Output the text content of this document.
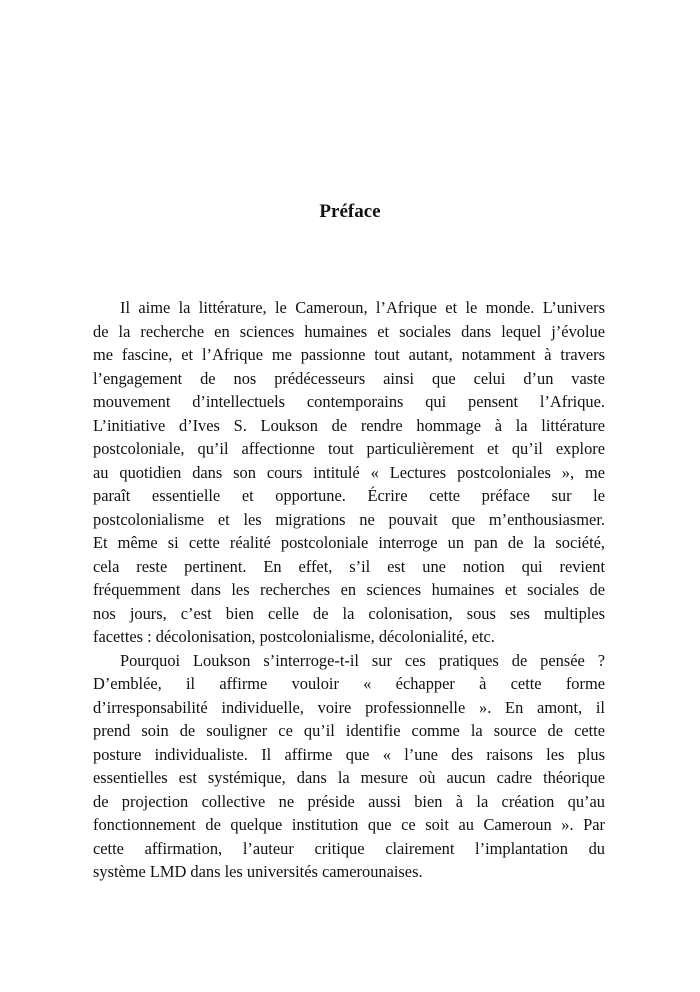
Préface
Il aime la littérature, le Cameroun, l’Afrique et le monde. L’univers
de la recherche en sciences humaines et sociales dans lequel j’évolue
me fascine, et l’Afrique me passionne tout autant, notamment à travers
l’engagement de nos prédécesseurs ainsi que celui d’un vaste
mouvement d’intellectuels contemporains qui pensent l’Afrique.
L’initiative d’Ives S. Loukson de rendre hommage à la littérature
postcoloniale, qu’il affectionne tout particulièrement et qu’il explore
au quotidien dans son cours intitulé « Lectures postcoloniales », me
paraît essentielle et opportune. Écrire cette préface sur le
postcolonialisme et les migrations ne pouvait que m’enthousiasmer.
Et même si cette réalité postcoloniale interroge un pan de la société,
cela reste pertinent. En effet, s’il est une notion qui revient
fréquemment dans les recherches en sciences humaines et sociales de
nos jours, c’est bien celle de la colonisation, sous ses multiples
facettes : décolonisation, postcolonialisme, décolonialité, etc.
Pourquoi Loukson s’interroge-t-il sur ces pratiques de pensée ?
D’emblée, il affirme vouloir « échapper à cette forme
d’irresponsabilité individuelle, voire professionnelle ». En amont, il
prend soin de souligner ce qu’il identifie comme la source de cette
posture individualiste. Il affirme que « l’une des raisons les plus
essentielles est systémique, dans la mesure où aucun cadre théorique
de projection collective ne préside aussi bien à la création qu’au
fonctionnement de quelque institution que ce soit au Cameroun ». Par
cette affirmation, l’auteur critique clairement l’implantation du
système LMD dans les universités camerounaises.
